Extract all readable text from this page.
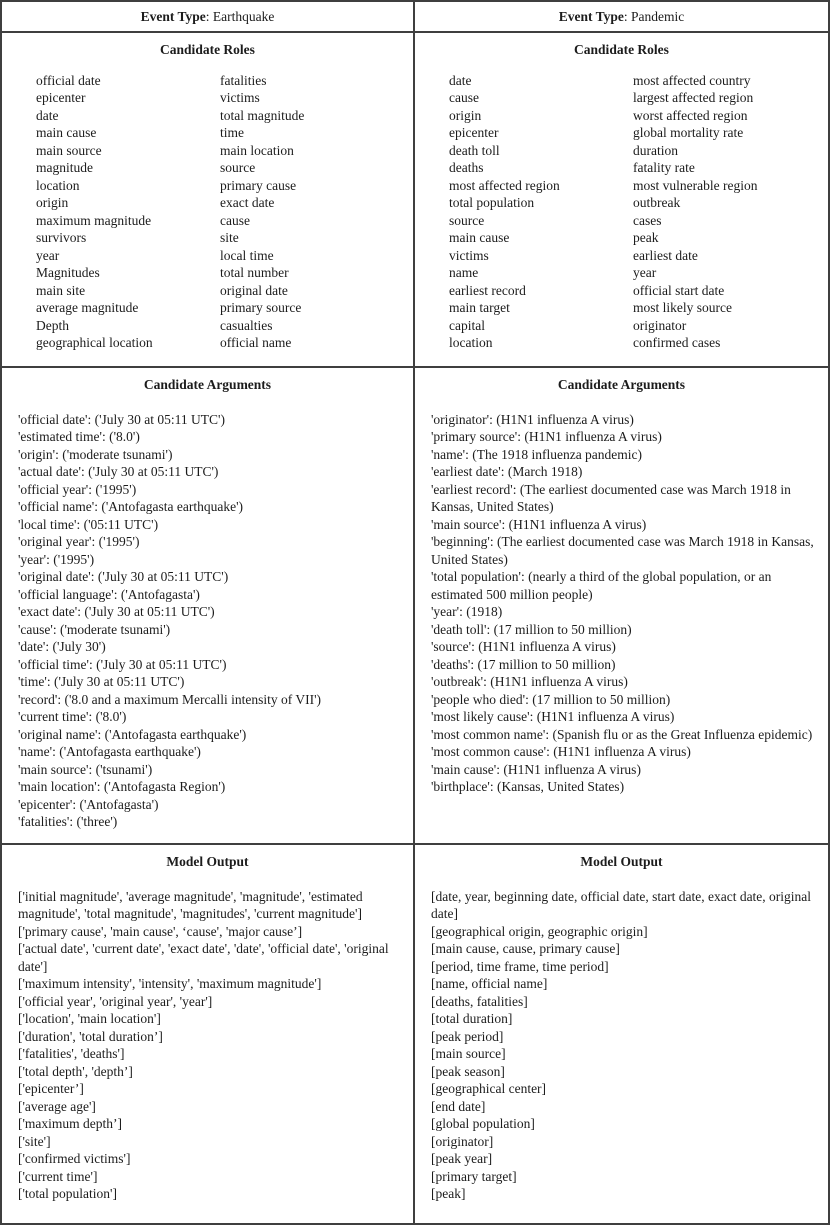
Event Type: Earthquake	Event Type: Pandemic
Candidate Roles
official date
epicenter
date
main cause
main source
magnitude
location
origin
maximum magnitude
survivors
year
Magnitudes
main site
average magnitude
Depth
geographical location
fatalities
victims
total magnitude
time
main location
source
primary cause
exact date
cause
site
local time
total number
original date
primary source
casualties
official name
Candidate Roles
date
cause
origin
epicenter
death toll
deaths
most affected region
total population
source
main cause
victims
name
earliest record
main target
capital
location
most affected country
largest affected region
worst affected region
global mortality rate
duration
fatality rate
most vulnerable region
outbreak
cases
peak
earliest date
year
official start date
most likely source
originator
confirmed cases
Candidate Arguments
'official date': ('July 30 at 05:11 UTC')
'estimated time': ('8.0')
'origin': ('moderate tsunami')
'actual date': ('July 30 at 05:11 UTC')
'official year': ('1995')
'official name': ('Antofagasta earthquake')
'local time': ('05:11 UTC')
'original year': ('1995')
'year': ('1995')
'original date': ('July 30 at 05:11 UTC')
'official language': ('Antofagasta')
'exact date': ('July 30 at 05:11 UTC')
'cause': ('moderate tsunami')
'date': ('July 30')
'official time': ('July 30 at 05:11 UTC')
'time': ('July 30 at 05:11 UTC')
'record': ('8.0 and a maximum Mercalli intensity of VII')
'current time': ('8.0')
'original name': ('Antofagasta earthquake')
'name': ('Antofagasta earthquake')
'main source': ('tsunami')
'main location': ('Antofagasta Region')
'epicenter': ('Antofagasta')
'fatalities': ('three')
Candidate Arguments
'originator': (H1N1 influenza A virus)
'primary source': (H1N1 influenza A virus)
'name': (The 1918 influenza pandemic)
'earliest date': (March 1918)
'earliest record': (The earliest documented case was March 1918 in Kansas, United States)
'main source': (H1N1 influenza A virus)
'beginning': (The earliest documented case was March 1918 in Kansas, United States)
'total population': (nearly a third of the global population, or an estimated 500 million people)
'year': (1918)
'death toll': (17 million to 50 million)
'source': (H1N1 influenza A virus)
'deaths': (17 million to 50 million)
'outbreak': (H1N1 influenza A virus)
'people who died': (17 million to 50 million)
'most likely cause': (H1N1 influenza A virus)
'most common name': (Spanish flu or as the Great Influenza epidemic)
'most common cause': (H1N1 influenza A virus)
'main cause': (H1N1 influenza A virus)
'birthplace': (Kansas, United States)
Model Output
['initial magnitude', 'average magnitude', 'magnitude', 'estimated magnitude', 'total magnitude', 'magnitudes', 'current magnitude']
['primary cause', 'main cause', ‘cause', 'major cause’]
['actual date', 'current date', 'exact date', 'date', 'official date', 'original date']
['maximum intensity', 'intensity', 'maximum magnitude']
['official year', 'original year', 'year']
['location', 'main location']
['duration', 'total duration’]
['fatalities', 'deaths']
['total depth', 'depth’]
['epicenter’]
['average age']
['maximum depth’]
['site']
['confirmed victims']
['current time']
['total population']
Model Output
[date, year, beginning date, official date, start date, exact date, original date]
[geographical origin, geographic origin]
[main cause, cause, primary cause]
[period, time frame, time period]
[name, official name]
[deaths, fatalities]
[total duration]
[peak period]
[main source]
[peak season]
[geographical center]
[end date]
[global population]
[originator]
[peak year]
[primary target]
[peak]
